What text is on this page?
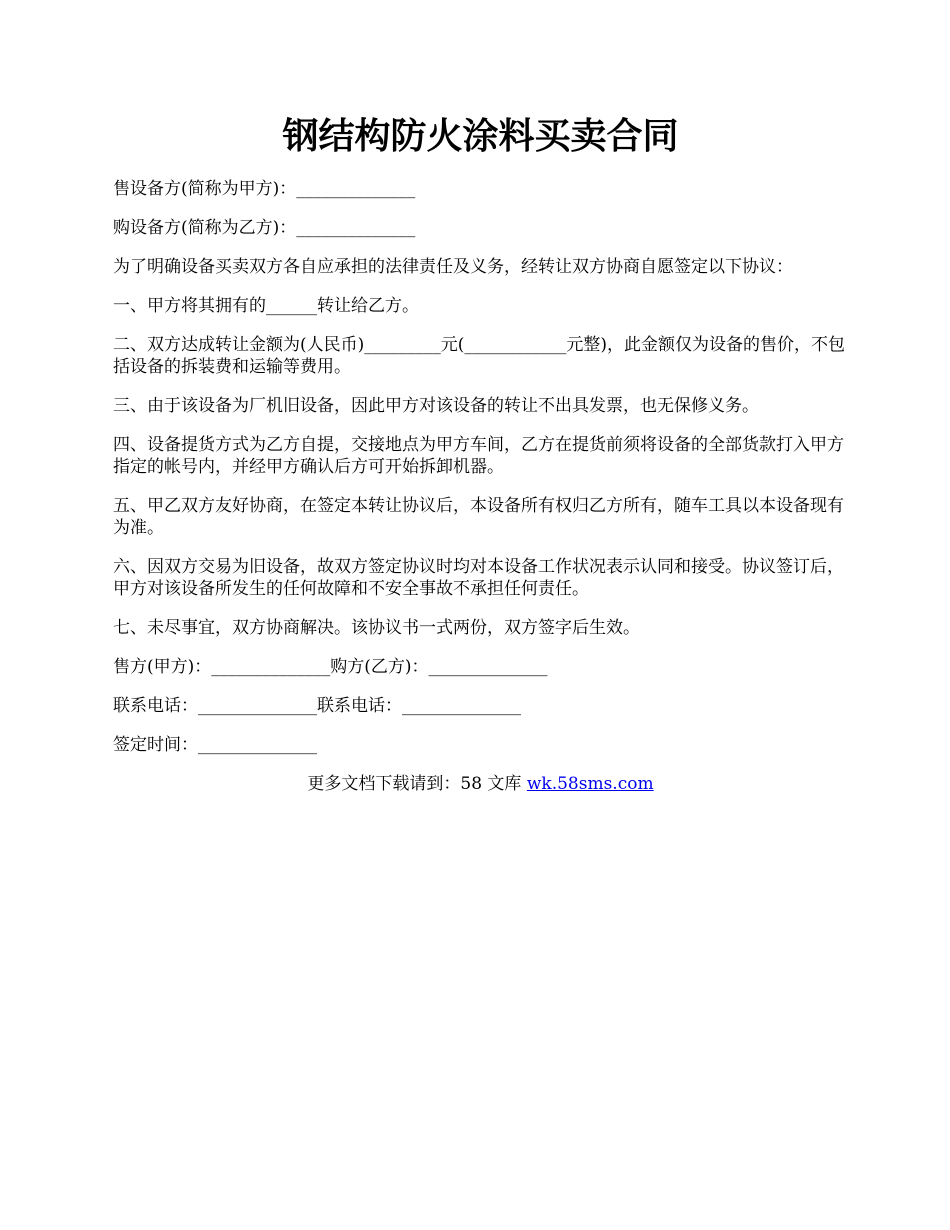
钢结构防火涂料买卖合同

售设备方(简称为甲方)：______________

购设备方(简称为乙方)：______________

为了明确设备买卖双方各自应承担的法律责任及义务，经转让双方协商自愿签定以下协议：

一、甲方将其拥有的______转让给乙方。

二、双方达成转让金额为(人民币)_________元(____________元整)，此金额仅为设备的售价，不包括设备的拆装费和运输等费用。

三、由于该设备为厂机旧设备，因此甲方对该设备的转让不出具发票，也无保修义务。

四、设备提货方式为乙方自提，交接地点为甲方车间，乙方在提货前须将设备的全部货款打入甲方指定的帐号内，并经甲方确认后方可开始拆卸机器。

五、甲乙双方友好协商，在签定本转让协议后，本设备所有权归乙方所有，随车工具以本设备现有为准。

六、因双方交易为旧设备，故双方签定协议时均对本设备工作状况表示认同和接受。协议签订后，甲方对该设备所发生的任何故障和不安全事故不承担任何责任。

七、未尽事宜，双方协商解决。该协议书一式两份，双方签字后生效。

售方(甲方)：______________购方(乙方)：______________

联系电话：______________联系电话：______________

签定时间：______________

更多文档下载请到：58 文库 wk.58sms.com
